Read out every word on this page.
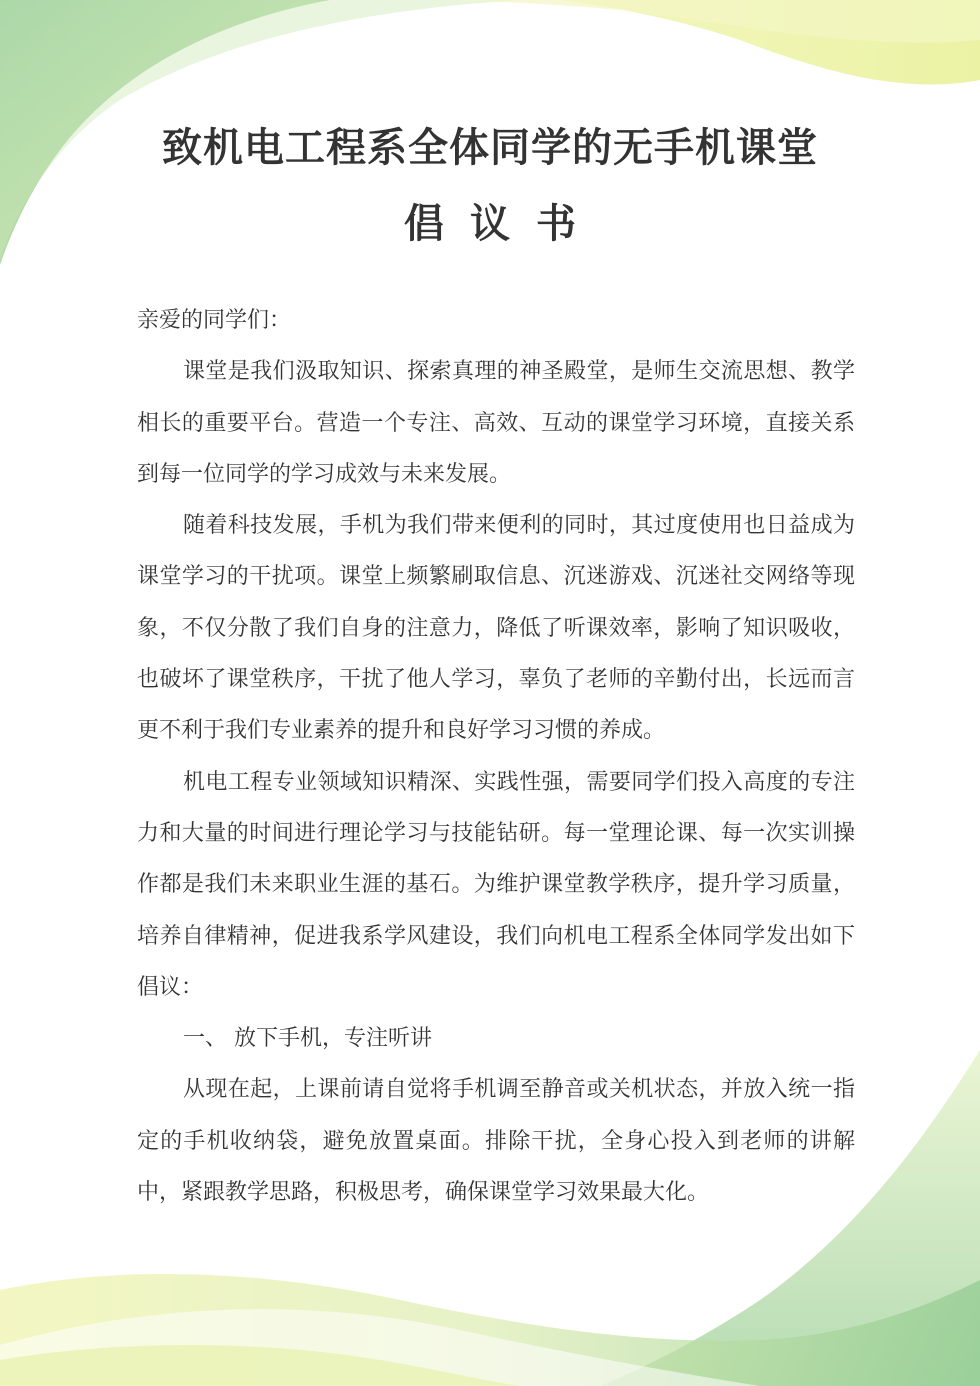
致机电工程系全体同学的无手机课堂
倡议书

亲爱的同学们：

课堂是我们汲取知识、探索真理的神圣殿堂，是师生交流思想、教学相长的重要平台。营造一个专注、高效、互动的课堂学习环境，直接关系到每一位同学的学习成效与未来发展。

随着科技发展，手机为我们带来便利的同时，其过度使用也日益成为课堂学习的干扰项。课堂上频繁刷取信息、沉迷游戏、沉迷社交网络等现象，不仅分散了我们自身的注意力，降低了听课效率，影响了知识吸收，也破坏了课堂秩序，干扰了他人学习，辜负了老师的辛勤付出，长远而言更不利于我们专业素养的提升和良好学习习惯的养成。

机电工程专业领域知识精深、实践性强，需要同学们投入高度的专注力和大量的时间进行理论学习与技能钻研。每一堂理论课、每一次实训操作都是我们未来职业生涯的基石。为维护课堂教学秩序，提升学习质量，培养自律精神，促进我系学风建设，我们向机电工程系全体同学发出如下倡议：

一、 放下手机，专注听讲

从现在起，上课前请自觉将手机调至静音或关机状态，并放入统一指定的手机收纳袋，避免放置桌面。排除干扰，全身心投入到老师的讲解中，紧跟教学思路，积极思考，确保课堂学习效果最大化。
